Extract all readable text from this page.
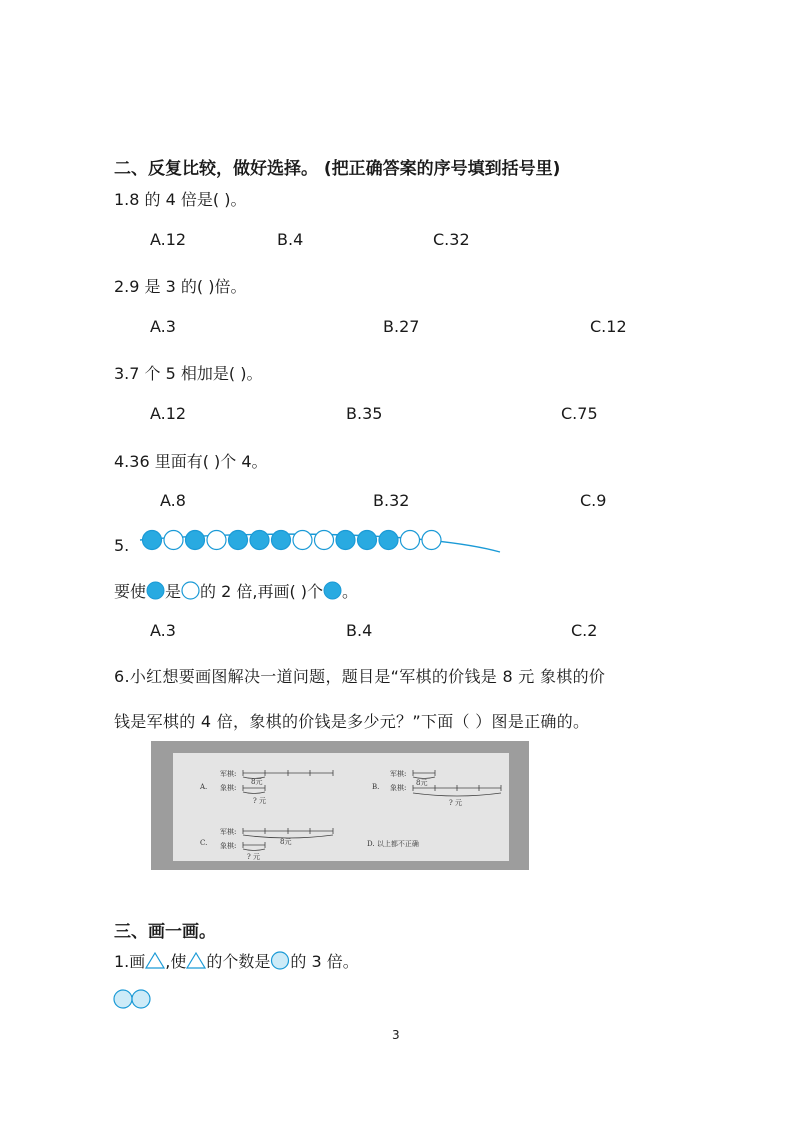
二、反复比较，做好选择。 (把正确答案的序号填到括号里)
1.8 的 4 倍是( )。
A.12	B.4	C.32
2.9 是 3 的( )倍。
A.3	B.27	C.12
3.7 个 5 相加是( )。
A.12	B.35	C.75
4.36 里面有( )个 4。
A.8	B.32	C.9
5.
要使 是 的 2 倍,再画( )个 。
A.3	B.4	C.2
6.小红想要画图解决一道问题，题目是“军棋的价钱是 8 元 象棋的价
钱是军棋的 4 倍，象棋的价钱是多少元？”下面（ ）图是正确的。
军棋:
A. 象棋:
8元
? 元
军棋:
B. 象棋:
8元
? 元
军棋:
C. 象棋:	8元
? 元
D. 以上都不正确
三、画一画。
1.画 ,使 的个数是 的 3 倍。
3
